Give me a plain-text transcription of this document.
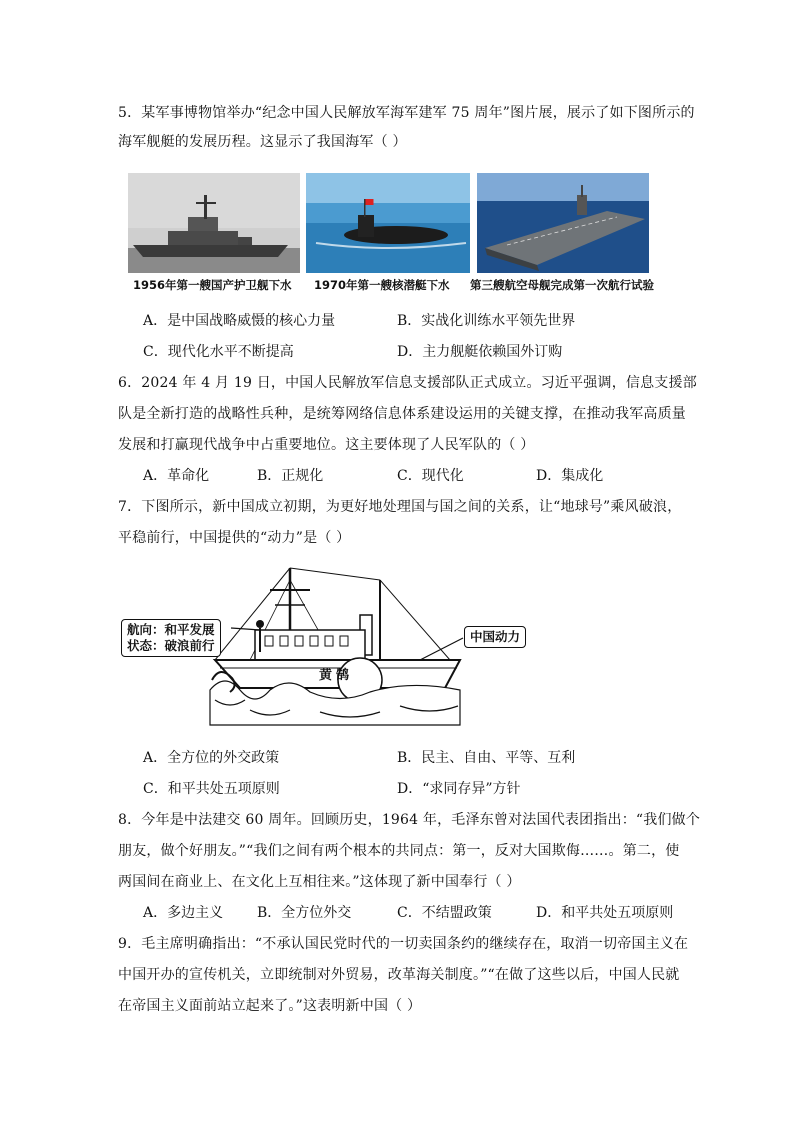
5．某军事博物馆举办“纪念中国人民解放军海军建军 75 周年”图片展，展示了如下图所示的
海军舰艇的发展历程。这显示了我国海军（ ）
1956年第一艘国产护卫舰下水 1970年第一艘核潜艇下水 第三艘航空母舰完成第一次航行试验
A．是中国战略威慑的核心力量	B．实战化训练水平领先世界
C．现代化水平不断提高	D．主力舰艇依赖国外订购
6．2024 年 4 月 19 日，中国人民解放军信息支援部队正式成立。习近平强调，信息支援部
队是全新打造的战略性兵种，是统筹网络信息体系建设运用的关键支撑，在推动我军高质量
发展和打赢现代战争中占重要地位。这主要体现了人民军队的（ ）
A．革命化	B．正规化	C．现代化	D．集成化
7．下图所示，新中国成立初期，为更好地处理国与国之间的关系，让“地球号”乘风破浪，
平稳前行，中国提供的“动力”是（ ）
黄鹄
航向：和平发展
状态：破浪前行
中国动力
A．全方位的外交政策	B．民主、自由、平等、互利
C．和平共处五项原则	D．“求同存异”方针
8．今年是中法建交 60 周年。回顾历史，1964 年，毛泽东曾对法国代表团指出：“我们做个
朋友，做个好朋友。”“我们之间有两个根本的共同点：第一，反对大国欺侮……。第二，使
两国间在商业上、在文化上互相往来。”这体现了新中国奉行（ ）
A．多边主义 B．全方位外交	C．不结盟政策	D．和平共处五项原则
9．毛主席明确指出：“不承认国民党时代的一切卖国条约的继续存在，取消一切帝国主义在
中国开办的宣传机关，立即统制对外贸易，改革海关制度。”“在做了这些以后，中国人民就
在帝国主义面前站立起来了。”这表明新中国（ ）
